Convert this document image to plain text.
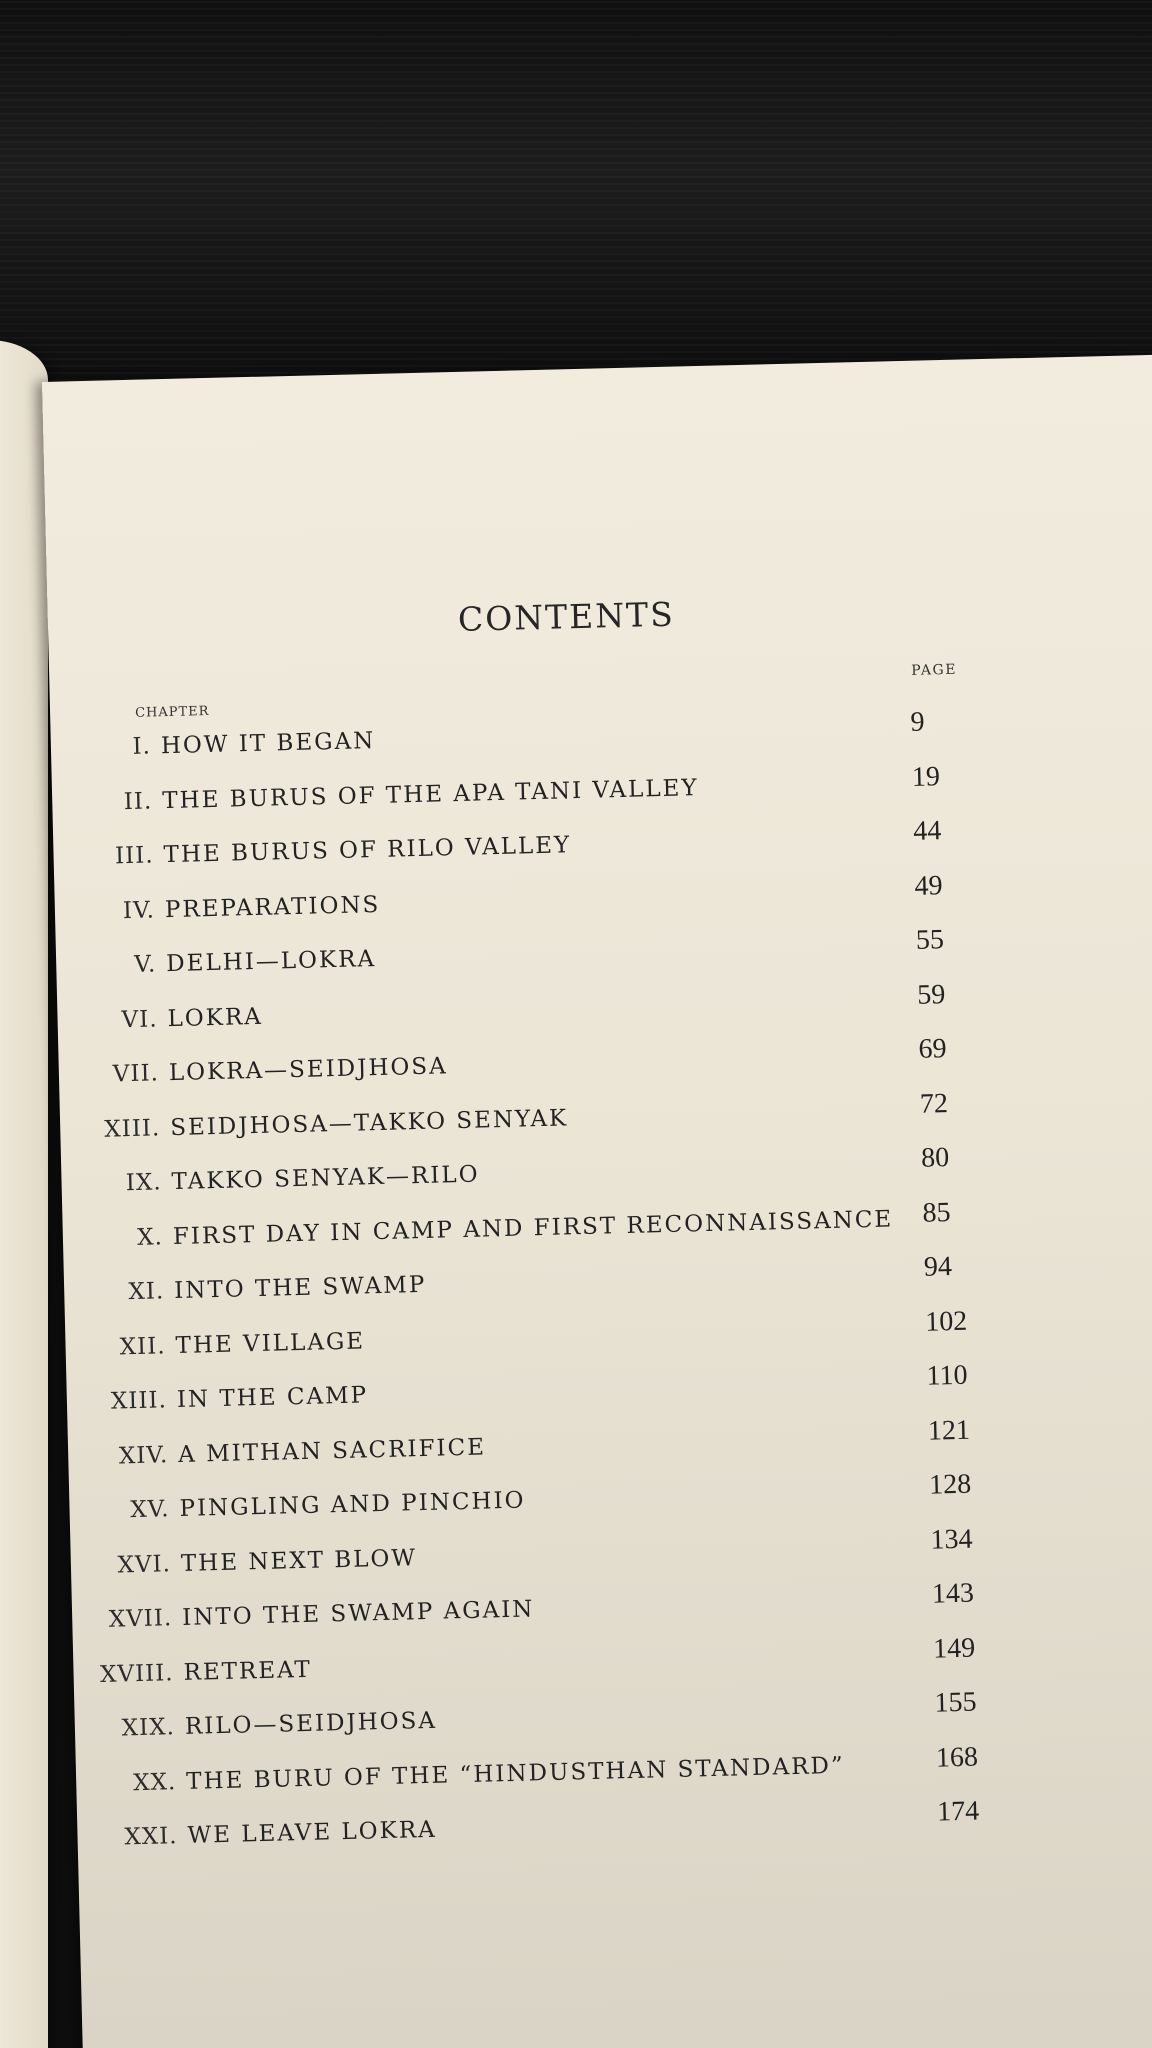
CONTENTS
PAGE
CHAPTER
I. HOW IT BEGAN
9
II. THE BURUS OF THE APA TANI VALLEY	19
III. THE BURUS OF RILO VALLEY
44
IV. PREPARATIONS
49
V. DELHI—LOKRA
55
VI. LOKRA
59
VII. LOKRA—SEIDJHOSA
69
XIII. SEIDJHOSA—TAKKO SENYAK
72
IX. TAKKO SENYAK—RILO
80
X. FIRST DAY IN CAMP AND FIRST RECONNAISSANCE 85
XI. INTO THE SWAMP
94
XII. THE VILLAGE
102
XIII. IN THE CAMP
110
XIV. A MITHAN SACRIFICE
121
XV. PINGLING AND PINCHIO
128
XVI. THE NEXT BLOW
134
XVII. INTO THE SWAMP AGAIN
143
XVIII. RETREAT
149
XIX. RILO—SEIDJHOSA
155
XX. THE BURU OF THE “HINDUSTHAN STANDARD”	168
XXI. WE LEAVE LOKRA
174
